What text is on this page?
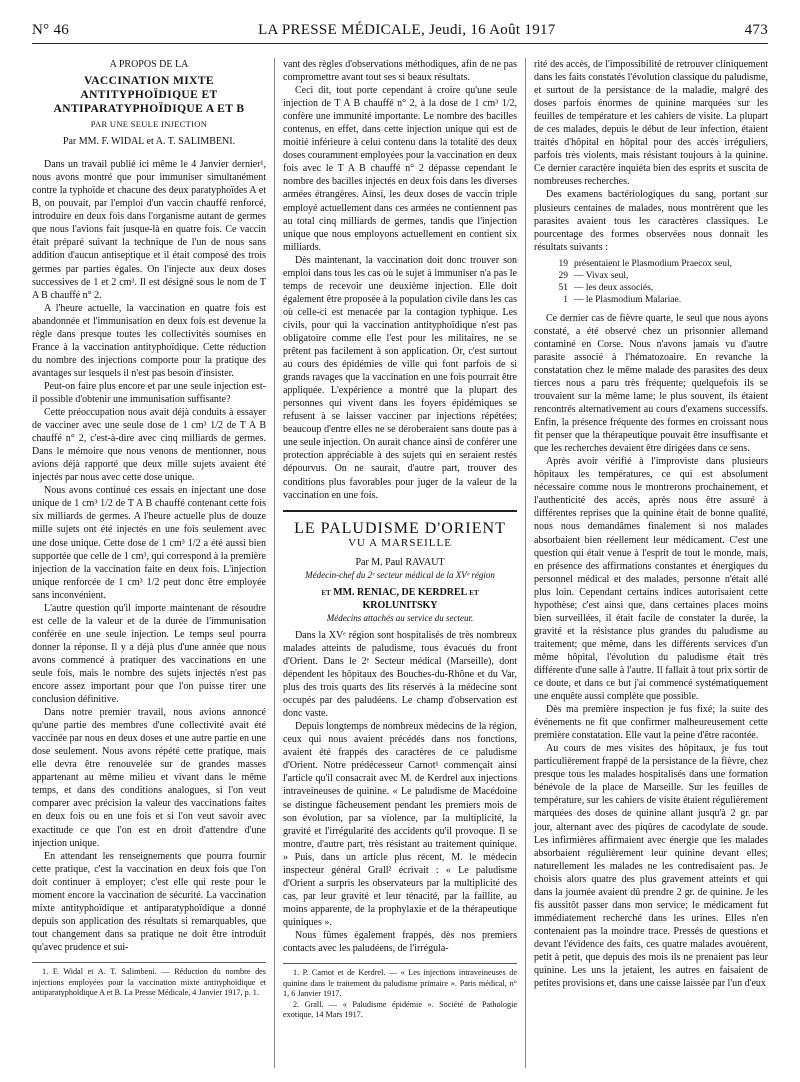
N° 46	LA PRESSE MÉDICALE, Jeudi, 16 Août 1917	473
A PROPOS DE LA
VACCINATION MIXTE ANTITYPHOÏDIQUE ET ANTIPARATYPHOÏDIQUE A ET B
PAR UNE SEULE INJECTION
Par MM. F. WIDAL et A. T. SALIMBENI.

Dans un travail publié ici même le 4 Janvier dernier¹, nous avons montré que pour immuniser simultanément contre la typhoïde et chacune des deux paratyphoïdes A et B, on pouvait, par l'emploi d'un vaccin chauffé renforcé, introduire en deux fois dans l'organisme autant de germes que nous l'avions fait jusque-là en quatre fois. Ce vaccin était préparé suivant la technique de l'un de nous sans addition d'aucun antiseptique et il était composé des trois germes par parties égales. On l'injecte aux deux doses successives de 1 et 2 cm³. Il est désigné sous le nom de T A B chauffé n° 2.

A l'heure actuelle, la vaccination en quatre fois est abandonnée et l'immunisation en deux fois est devenue la règle dans presque toutes les collectivités soumises en France à la vaccination antityphoïdique. Cette réduction du nombre des injections comporte pour la pratique des avantages sur lesquels il n'est pas besoin d'insister.

Peut-on faire plus encore et par une seule injection est-il possible d'obtenir une immunisation suffisante?

Cette préoccupation nous avait déjà conduits à essayer de vacciner avec une seule dose de 1 cm³ 1/2 de T A B chauffé n° 2, c'est-à-dire avec cinq milliards de germes. Dans le mémoire que nous venons de mentionner, nous avions déjà rapporté que deux mille sujets avaient été injectés par nous avec cette dose unique.

Nous avons continué ces essais en injectant une dose unique de 1 cm³ 1/2 de T A B chauffé contenant cette fois six milliards de germes. A l'heure actuelle plus de douze mille sujets ont été injectés en une fois seulement avec une dose unique. Cette dose de 1 cm³ 1/2 a été aussi bien supportée que celle de 1 cm³, qui correspond à la première injection de la vaccination faite en deux fois. L'injection unique renforcée de 1 cm³ 1/2 peut donc être employée sans inconvénient.

L'autre question qu'il importe maintenant de résoudre est celle de la valeur et de la durée de l'immunisation conférée en une seule injection. Le temps seul pourra donner la réponse. Il y a déjà plus d'une année que nous avons commencé à pratiquer des vaccinations en une seule fois, mais le nombre des sujets injectés n'est pas encore assez important pour que l'on puisse tirer une conclusion définitive.

Dans notre premier travail, nous avions annoncé qu'une partie des membres d'une collectivité avait été vaccinée par nous en deux doses et une autre partie en une dose seulement. Nous avons répété cette pratique, mais elle devra être renouvelée sur de grandes masses appartenant au même milieu et vivant dans le même temps, et dans des conditions analogues, si l'on veut comparer avec précision la valeur des vaccinations faites en deux fois ou en une fois et si l'on veut savoir avec exactitude ce que l'on est en droit d'attendre d'une injection unique.

En attendant les renseignements que pourra fournir cette pratique, c'est la vaccination en deux fois que l'on doit continuer à employer; c'est elle qui reste pour le moment encore la vaccination de sécurité. La vaccination mixte antityphoïdique et antiparatyphoïdique a donné depuis son application des résultats si remarquables, que tout changement dans sa pratique ne doit être introduit qu'avec prudence et sui-

1. F. Widal et A. T. Salimbeni. — Réduction du nombre des injections employées pour la vaccination mixte antityphoïdique et antiparatyphoïdique A et B. La Presse Médicale, 4 Janvier 1917, p. 1.

vant des règles d'observations méthodiques, afin de ne pas compromettre avant tout ses si beaux résultats.

Ceci dit, tout porte cependant à croire qu'une seule injection de T A B chauffé n° 2, à la dose de 1 cm³ 1/2, confère une immunité importante. Le nombre des bacilles contenus, en effet, dans cette injection unique qui est de moitié inférieure à celui contenu dans la totalité des deux doses couramment employées pour la vaccination en deux fois avec le T A B chauffé n° 2 dépasse cependant le nombre des bacilles injectés en deux fois dans les diverses armées étrangères. Ainsi, les deux doses de vaccin triple employé actuellement dans ces armées ne contiennent pas au total cinq milliards de germes, tandis que l'injection unique que nous employons actuellement en contient six milliards.

Dès maintenant, la vaccination doit donc trouver son emploi dans tous les cas où le sujet à immuniser n'a pas le temps de recevoir une deuxième injection. Elle doit également être proposée à la population civile dans les cas où celle-ci est menacée par la contagion typhique. Les civils, pour qui la vaccination antityphoïdique n'est pas obligatoire comme elle l'est pour les militaires, ne se prêtent pas facilement à son application. Or, c'est surtout au cours des épidémies de ville qui font parfois de si grands ravages que la vaccination en une fois pourrait être appliquée. L'expérience a montré que la plupart des personnes qui vivent dans les foyers épidémiques se refusent à se laisser vacciner par injections répétées; beaucoup d'entre elles ne se déroberaient sans doute pas à une seule injection. On aurait chance ainsi de conférer une protection appréciable à des sujets qui en seraient restés dépourvus. On ne saurait, d'autre part, trouver des conditions plus favorables pour juger de la valeur de la vaccination en une fois.

LE PALUDISME D'ORIENT
VU A MARSEILLE
Par M. Paul RAVAUT
Médecin-chef du 2ᵉ secteur médical de la XVᵉ région
et MM. RENIAC, DE KERDREL et KROLUNITSKY
Médecins attachés au service du secteur.

Dans la XVᵉ région sont hospitalisés de très nombreux malades atteints de paludisme, tous évacués du front d'Orient. Dans le 2ᵉ Secteur médical (Marseille), dont dépendent les hôpitaux des Bouches-du-Rhône et du Var, plus des trois quarts des lits réservés à la médecine sont occupés par des paludéens. Le champ d'observation est donc vaste.

Depuis longtemps de nombreux médecins de la région, ceux qui nous avaient précédés dans nos fonctions, avaient été frappés des caractères de ce paludisme d'Orient. Notre prédécesseur Carnot¹ commençait ainsi l'article qu'il consacrait avec M. de Kerdrel aux injections intraveineuses de quinine. « Le paludisme de Macédoine se distingue fâcheusement pendant les premiers mois de son évolution, par sa violence, par la multiplicité, la gravité et l'irrégularité des accidents qu'il provoque. Il se montre, d'autre part, très résistant au traitement quinique. » Puis, dans un article plus récent, M. le médecin inspecteur général Grall² écrivait : « Le paludisme d'Orient a surpris les observateurs par la multiplicité des cas, par leur gravité et leur ténacité, par la faillite, au moins apparente, de la prophylaxie et de la thérapeutique quiniques ».

Nous fûmes également frappés, dès nos premiers contacts avec les paludéens, de l'irrégula-

1. P. Carnot et de Kerdrel. — « Les injections intraveineuses de quinine dans le traitement du paludisme primaire ». Paris médical, n° 1, 6 Janvier 1917.
2. Grall. — « Paludisme épidémie ». Société de Pathologie exotique, 14 Mars 1917.

rité des accès, de l'impossibilité de retrouver cliniquement dans les faits constatés l'évolution classique du paludisme, et surtout de la persistance de la maladie, malgré des doses parfois énormes de quinine marquées sur les feuilles de température et les cahiers de visite. La plupart de ces malades, depuis le début de leur infection, étaient traités d'hôpital en hôpital pour des accès irréguliers, parfois très violents, mais résistant toujours à la quinine. Ce dernier caractère inquiéta bien des esprits et suscita de nombreuses recherches.

Des examens bactériologiques du sang, portant sur plusieurs centaines de malades, nous montrèrent que les parasites avaient tous les caractères classiques. Le pourcentage des formes observées nous donnait les résultats suivants :

19 présentaient le Plasmodium Praecox seul,
29 — Vivax seul,
51 — les deux associés,
1 — le Plasmodium Malariae.

Ce dernier cas de fièvre quarte, le seul que nous ayons constaté, a été observé chez un prisonnier allemand contaminé en Corse. Nous n'avons jamais vu d'autre parasite associé à l'hématozoaire. En revanche la constatation chez le même malade des parasites des deux tierces nous a paru très fréquente; quelquefois ils se trouvaient sur la même lame; le plus souvent, ils étaient rencontrés alternativement au cours d'examens successifs. Enfin, la présence fréquente des formes en croissant nous fit penser que la thérapeutique pouvait être insuffisante et que les recherches devaient être dirigées dans ce sens.

Après avoir vérifié à l'improviste dans plusieurs hôpitaux les températures, ce qui est absolument nécessaire comme nous le montrerons prochainement, et l'authenticité des accès, après nous être assuré à différentes reprises que la quinine était de bonne qualité, nous nous demandâmes finalement si nos malades absorbaient bien réellement leur médicament. C'est une question qui était venue à l'esprit de tout le monde, mais, en présence des affirmations constantes et énergiques du personnel médical et des malades, personne n'était allé plus loin. Cependant certains indices autorisaient cette hypothèse; c'est ainsi que, dans certaines places moins bien surveillées, il était facile de constater la durée, la gravité et la résistance plus grandes du paludisme au traitement; que même, dans les différents services d'un même hôpital, l'évolution du paludisme était très différente d'une salle à l'autre. Il fallait à tout prix sortir de ce doute, et dans ce but j'ai commencé systématiquement une enquête aussi complète que possible.

Dès ma première inspection je fus fixé; la suite des événements ne fit que confirmer malheureusement cette première constatation. Elle vaut la peine d'être racontée.

Au cours de mes visites des hôpitaux, je fus tout particulièrement frappé de la persistance de la fièvre, chez presque tous les malades hospitalisés dans une formation bénévole de la place de Marseille. Sur les feuilles de température, sur les cahiers de visite étaient régulièrement marquées des doses de quinine allant jusqu'à 2 gr. par jour, alternant avec des piqûres de cacodylate de soude. Les infirmières affirmaient avec énergie que les malades absorbaient régulièrement leur quinine devant elles; naturellement les malades ne les contredisaient pas. Je choisis alors quatre des plus gravement atteints et qui dans la journée avaient dû prendre 2 gr. de quinine. Je les fis aussitôt passer dans mon service; le médicament fut immédiatement recherché dans les urines. Elles n'en contenaient pas la moindre trace. Pressés de questions et devant l'évidence des faits, ces quatre malades avouèrent, petit à petit, que depuis des mois ils ne prenaient pas leur quinine. Les uns la jetaient, les autres en faisaient de petites provisions et, dans une caisse laissée par l'un d'eux
